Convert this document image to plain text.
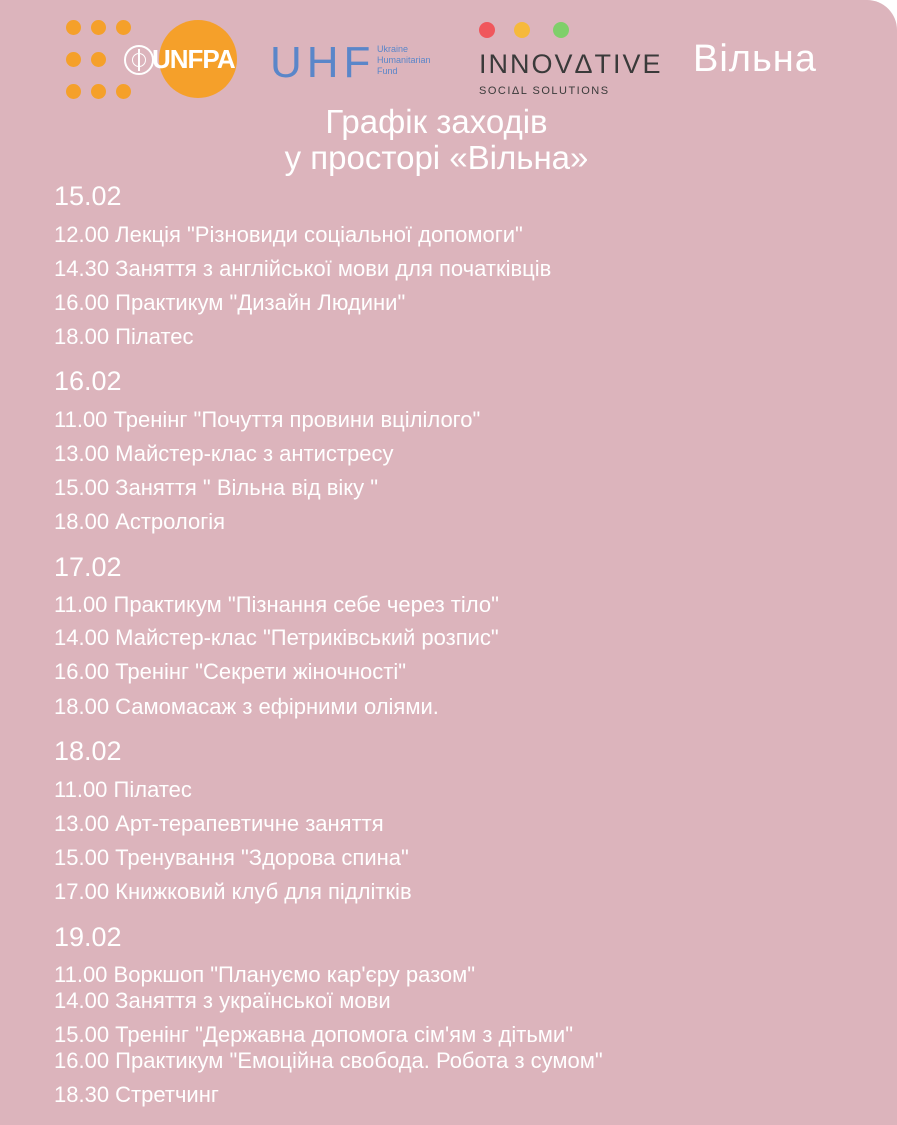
UNFPA UHF Ukraine
Humanitarian
Fund	INNOVΔTIVE
SOCIΔL SOLUTIONS
Вільна
Графік заходів
у просторі «Вільна»
15.02
12.00 Лекція "Різновиди соціальної допомоги"
14.30 Заняття з англійської мови для початківців
16.00 Практикум "Дизайн Людини"
18.00 Пілатес
16.02
11.00 Тренінг "Почуття провини вцілілого"
13.00 Майстер-клас з антистресу
15.00 Заняття " Вільна від віку "
18.00 Астрологія
17.02
11.00 Практикум "Пізнання себе через тіло"
14.00 Майстер-клас "Петриківський розпис"
16.00 Тренінг "Секрети жіночності"
18.00 Самомасаж з ефірними оліями.
18.02
11.00 Пілатес
13.00 Арт-терапевтичне заняття
15.00 Тренування "Здорова спина"
17.00 Книжковий клуб для підлітків
19.02
11.00 Воркшоп "Плануємо кар'єру разом"
14.00 Заняття з української мови
15.00 Тренінг "Державна допомога сім'ям з дітьми"
16.00 Практикум "Емоційна свобода. Робота з сумом"
18.30 Стретчинг
